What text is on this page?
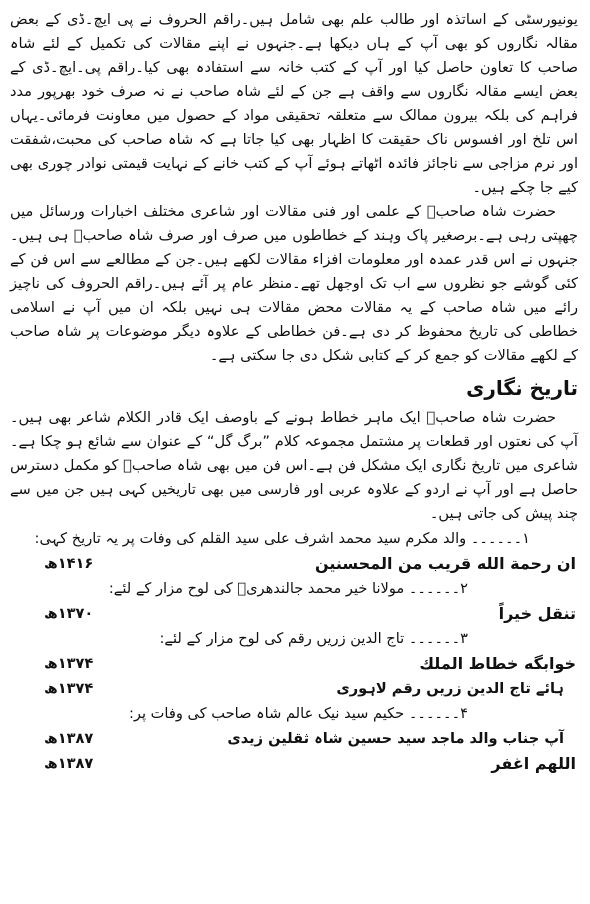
یونیورسٹی کے اساتذہ اور طالب علم بھی شامل ہیں۔راقم الحروف نے پی ایچ۔ڈی کے بعض مقالہ نگاروں کو بھی آپ کے ہاں دیکھا ہے۔جنہوں نے اپنے مقالات کی تکمیل کے لئے شاہ صاحب کا تعاون حاصل کیا اور آپ کے کتب خانہ سے استفادہ بھی کیا۔راقم پی۔ایچ۔ڈی کے بعض ایسے مقالہ نگاروں سے واقف ہے جن کے لئے شاہ صاحب نے نہ صرف خود بھرپور مدد فراہم کی بلکہ بیرون ممالک سے متعلقہ تحقیقی مواد کے حصول میں معاونت فرمائی۔یہاں اس تلخ اور افسوس ناک حقیقت کا اظہار بھی کیا جاتا ہے کہ شاہ صاحب کی محبت،شفقت اور نرم مزاجی سے ناجائز فائدہ اٹھاتے ہوئے آپ کے کتب خانے کے نہایت قیمتی نوادر چوری بھی کیے جا چکے ہیں۔

حضرت شاہ صاحبؒ کے علمی اور فنی مقالات اور شاعری مختلف اخبارات ورسائل میں چھپتی رہی ہے۔برصغیر پاک وہند کے خطاطوں میں صرف اور صرف شاہ صاحبؒ ہی ہیں۔جنہوں نے اس قدر عمدہ اور معلومات افزاء مقالات لکھے ہیں۔جن کے مطالعے سے اس فن کے کئی گوشے جو نظروں سے اب تک اوجھل تھے۔منظر عام پر آئے ہیں۔راقم الحروف کی ناچیز رائے میں شاہ صاحب کے یہ مقالات محض مقالات ہی نہیں بلکہ ان میں آپ نے اسلامی خطاطی کی تاریخ محفوظ کر دی ہے۔فن خطاطی کے علاوہ دیگر موضوعات پر شاہ صاحب کے لکھے مقالات کو جمع کر کے کتابی شکل دی جا سکتی ہے۔

تاریخ نگاری

حضرت شاہ صاحبؒ ایک ماہر خطاط ہونے کے باوصف ایک قادر الکلام شاعر بھی ہیں۔آپ کی نعتوں اور قطعات پر مشتمل مجموعہ کلام ”برگ گل“ کے عنوان سے شائع ہو چکا ہے۔شاعری میں تاریخ نگاری ایک مشکل فن ہے۔اس فن میں بھی شاہ صاحبؒ کو مکمل دسترس حاصل ہے اور آپ نے اردو کے علاوہ عربی اور فارسی میں بھی تاریخیں کہی ہیں جن میں سے چند پیش کی جاتی ہیں۔

۱۔۔۔۔۔۔ والد مکرم سید محمد اشرف علی سید القلم کی وفات پر یہ تاریخ کہی:
ان رحمة الله قریب من المحسنین
۱۴۱۶ھ
۲۔۔۔۔۔۔ مولانا خیر محمد جالندھریؒ کی لوح مزار کے لئے:
تنقل خیراً
۱۳۷۰ھ
۳۔۔۔۔۔۔ تاج الدین زریں رقم کی لوح مزار کے لئے:
خوابگه خطاط الملك
۱۳۷۴ھ
ہائے تاج الدین زریں رقم لاہوری
۱۳۷۴ھ
۴۔۔۔۔۔۔ حکیم سید نیک عالم شاہ صاحب کی وفات پر:
آپ جناب والد ماجد سید حسین شاہ ثقلین زیدی
۱۳۸۷ھ
اللهم اغفر
۱۳۸۷ھ
